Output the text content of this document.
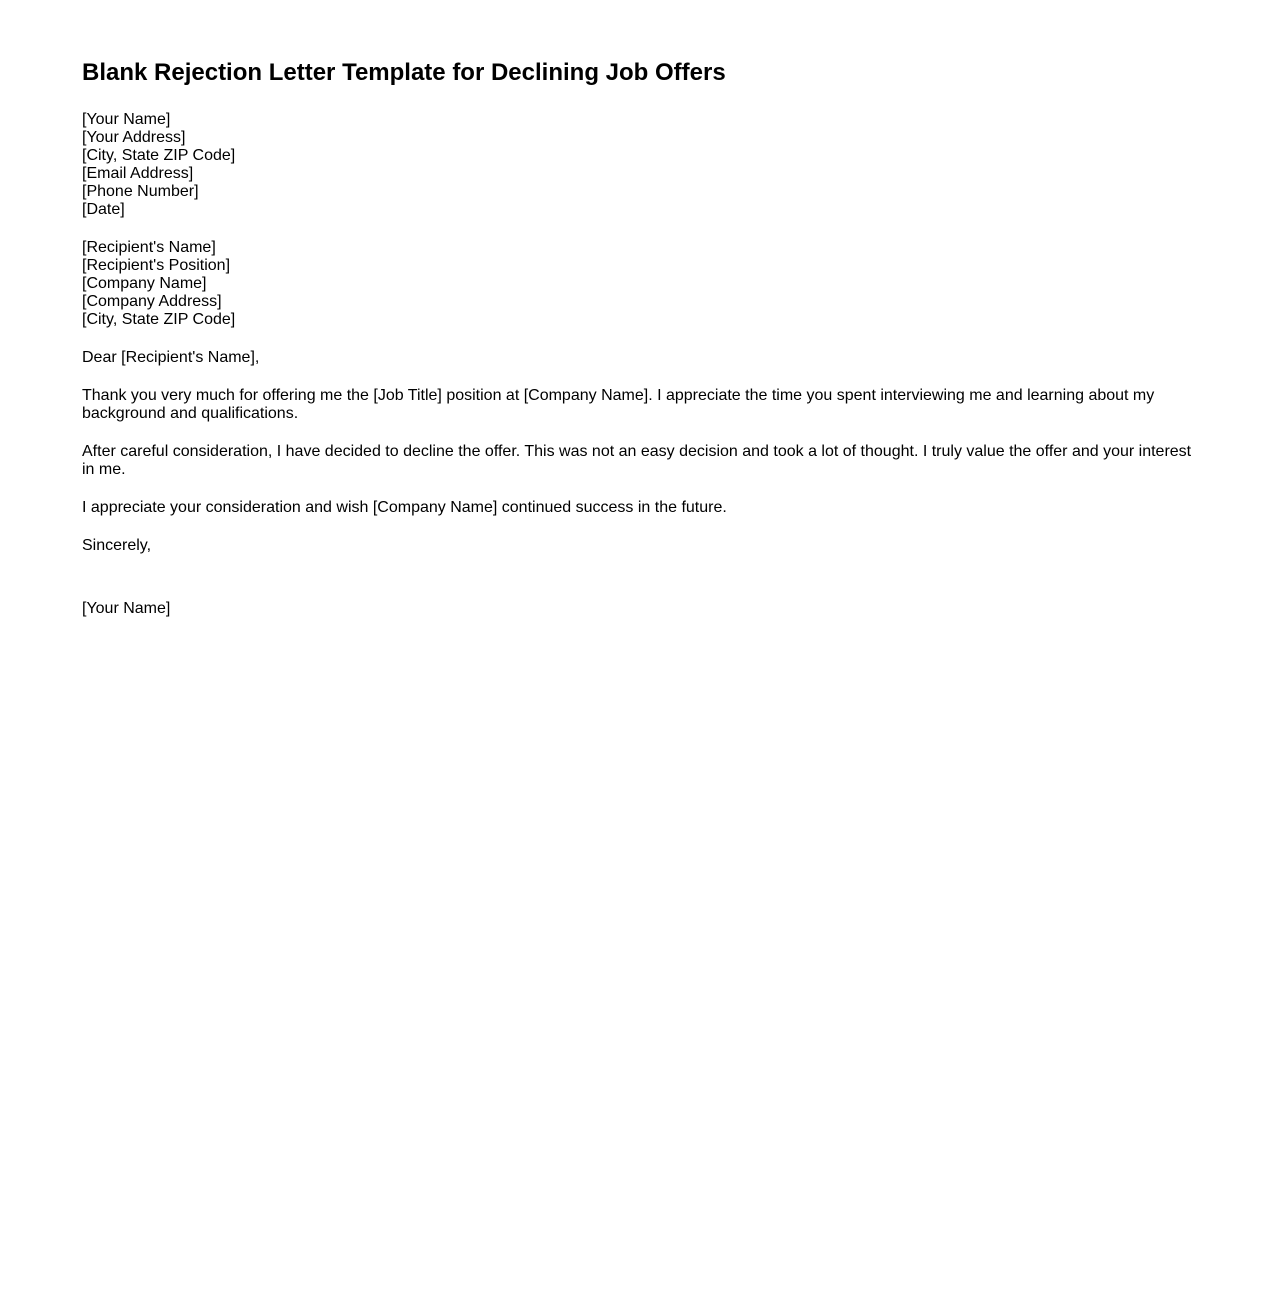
Blank Rejection Letter Template for Declining Job Offers
[Your Name]
[Your Address]
[City, State ZIP Code]
[Email Address]
[Phone Number]
[Date]
[Recipient's Name]
[Recipient's Position]
[Company Name]
[Company Address]
[City, State ZIP Code]

Dear [Recipient's Name],

Thank you very much for offering me the [Job Title] position at [Company Name]. I appreciate the time you spent interviewing me and learning about my background and qualifications.

After careful consideration, I have decided to decline the offer. This was not an easy decision and took a lot of thought. I truly value the offer and your interest in me.

I appreciate your consideration and wish [Company Name] continued success in the future.

Sincerely,

[Your Name]
